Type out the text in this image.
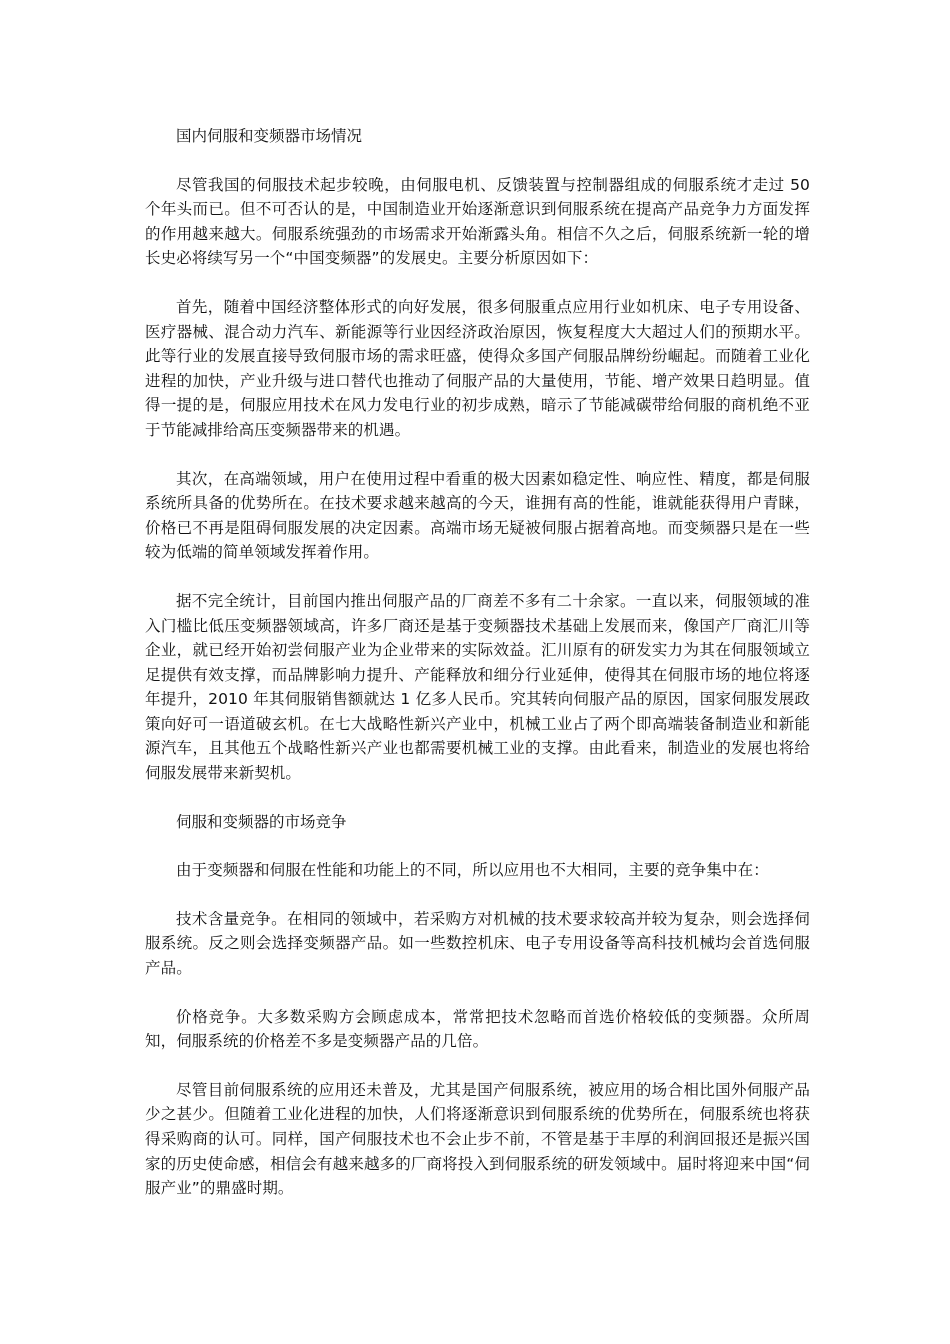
国内伺服和变频器市场情况

尽管我国的伺服技术起步较晚，由伺服电机、反馈装置与控制器组成的伺服系统才走过 50 个年头而已。但不可否认的是，中国制造业开始逐渐意识到伺服系统在提高产品竞争力方面发挥的作用越来越大。伺服系统强劲的市场需求开始渐露头角。相信不久之后，伺服系统新一轮的增长史必将续写另一个“中国变频器”的发展史。主要分析原因如下：

首先，随着中国经济整体形式的向好发展，很多伺服重点应用行业如机床、电子专用设备、医疗器械、混合动力汽车、新能源等行业因经济政治原因，恢复程度大大超过人们的预期水平。此等行业的发展直接导致伺服市场的需求旺盛，使得众多国产伺服品牌纷纷崛起。而随着工业化进程的加快，产业升级与进口替代也推动了伺服产品的大量使用，节能、增产效果日趋明显。值得一提的是，伺服应用技术在风力发电行业的初步成熟，暗示了节能减碳带给伺服的商机绝不亚于节能减排给高压变频器带来的机遇。

其次，在高端领域，用户在使用过程中看重的极大因素如稳定性、响应性、精度，都是伺服系统所具备的优势所在。在技术要求越来越高的今天，谁拥有高的性能，谁就能获得用户青睐，价格已不再是阻碍伺服发展的决定因素。高端市场无疑被伺服占据着高地。而变频器只是在一些较为低端的简单领域发挥着作用。

据不完全统计，目前国内推出伺服产品的厂商差不多有二十余家。一直以来，伺服领域的准入门槛比低压变频器领域高，许多厂商还是基于变频器技术基础上发展而来，像国产厂商汇川等企业，就已经开始初尝伺服产业为企业带来的实际效益。汇川原有的研发实力为其在伺服领域立足提供有效支撑，而品牌影响力提升、产能释放和细分行业延伸，使得其在伺服市场的地位将逐年提升，2010 年其伺服销售额就达 1 亿多人民币。究其转向伺服产品的原因，国家伺服发展政策向好可一语道破玄机。在七大战略性新兴产业中，机械工业占了两个即高端装备制造业和新能源汽车，且其他五个战略性新兴产业也都需要机械工业的支撑。由此看来，制造业的发展也将给伺服发展带来新契机。

伺服和变频器的市场竞争

由于变频器和伺服在性能和功能上的不同，所以应用也不大相同，主要的竞争集中在：

技术含量竞争。在相同的领域中，若采购方对机械的技术要求较高并较为复杂，则会选择伺服系统。反之则会选择变频器产品。如一些数控机床、电子专用设备等高科技机械均会首选伺服产品。

价格竞争。大多数采购方会顾虑成本，常常把技术忽略而首选价格较低的变频器。众所周知，伺服系统的价格差不多是变频器产品的几倍。

尽管目前伺服系统的应用还未普及，尤其是国产伺服系统，被应用的场合相比国外伺服产品少之甚少。但随着工业化进程的加快，人们将逐渐意识到伺服系统的优势所在，伺服系统也将获得采购商的认可。同样，国产伺服技术也不会止步不前，不管是基于丰厚的利润回报还是振兴国家的历史使命感，相信会有越来越多的厂商将投入到伺服系统的研发领域中。届时将迎来中国“伺服产业”的鼎盛时期。
